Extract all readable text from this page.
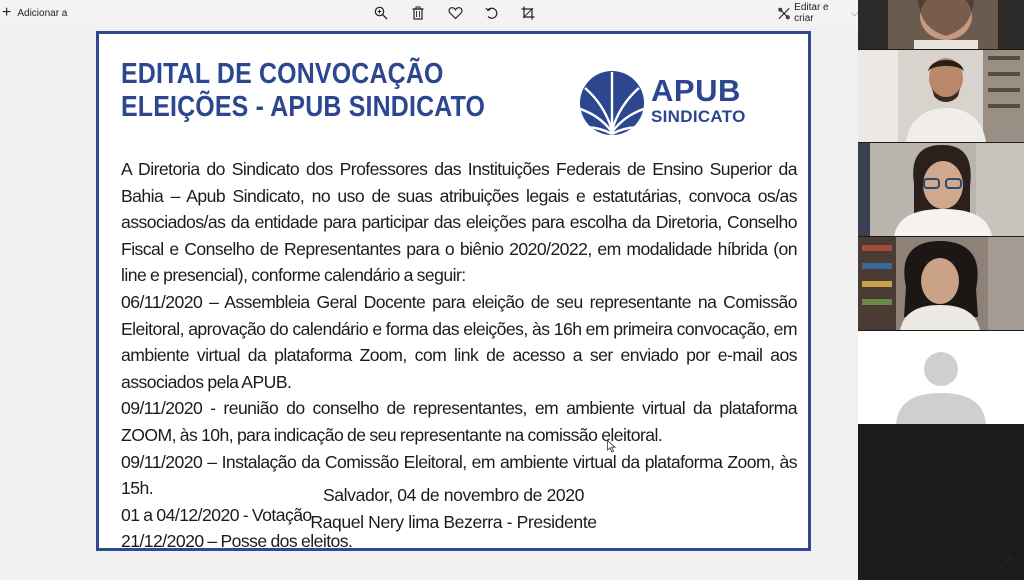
+ Adicionar a	Editar e criar
⌵
EDITAL DE CONVOCAÇÃO
ELEIÇÕES - APUB SINDICATO	APUB
SINDICATO
A Diretoria do Sindicato dos Professores das Instituições Federais de Ensino Superior da Bahia – Apub Sindicato, no uso de suas atribuições legais e estatutárias, convoca os/as associados/as da entidade para participar das eleições para escolha da Diretoria, Conselho Fiscal e Conselho de Representantes para o biênio 2020/2022, em modalidade híbrida (on line e presencial), conforme calendário a seguir:
06/11/2020 – Assembleia Geral Docente para eleição de seu representante na Comissão Eleitoral, aprovação do calendário e forma das eleições, às 16h em primeira convocação, em ambiente virtual da plataforma Zoom, com link de acesso a ser enviado por e-mail aos associados pela APUB.
09/11/2020 - reunião do conselho de representantes, em ambiente virtual da plataforma ZOOM, às 10h, para indicação de seu representante na comissão eleitoral.
09/11/2020 – Instalação da Comissão Eleitoral, em ambiente virtual da plataforma Zoom, às 15h.
01 a 04/12/2020 - Votação
21/12/2020 – Posse dos eleitos.
Salvador, 04 de novembro de 2020
Raquel Nery lima Bezerra - Presidente
